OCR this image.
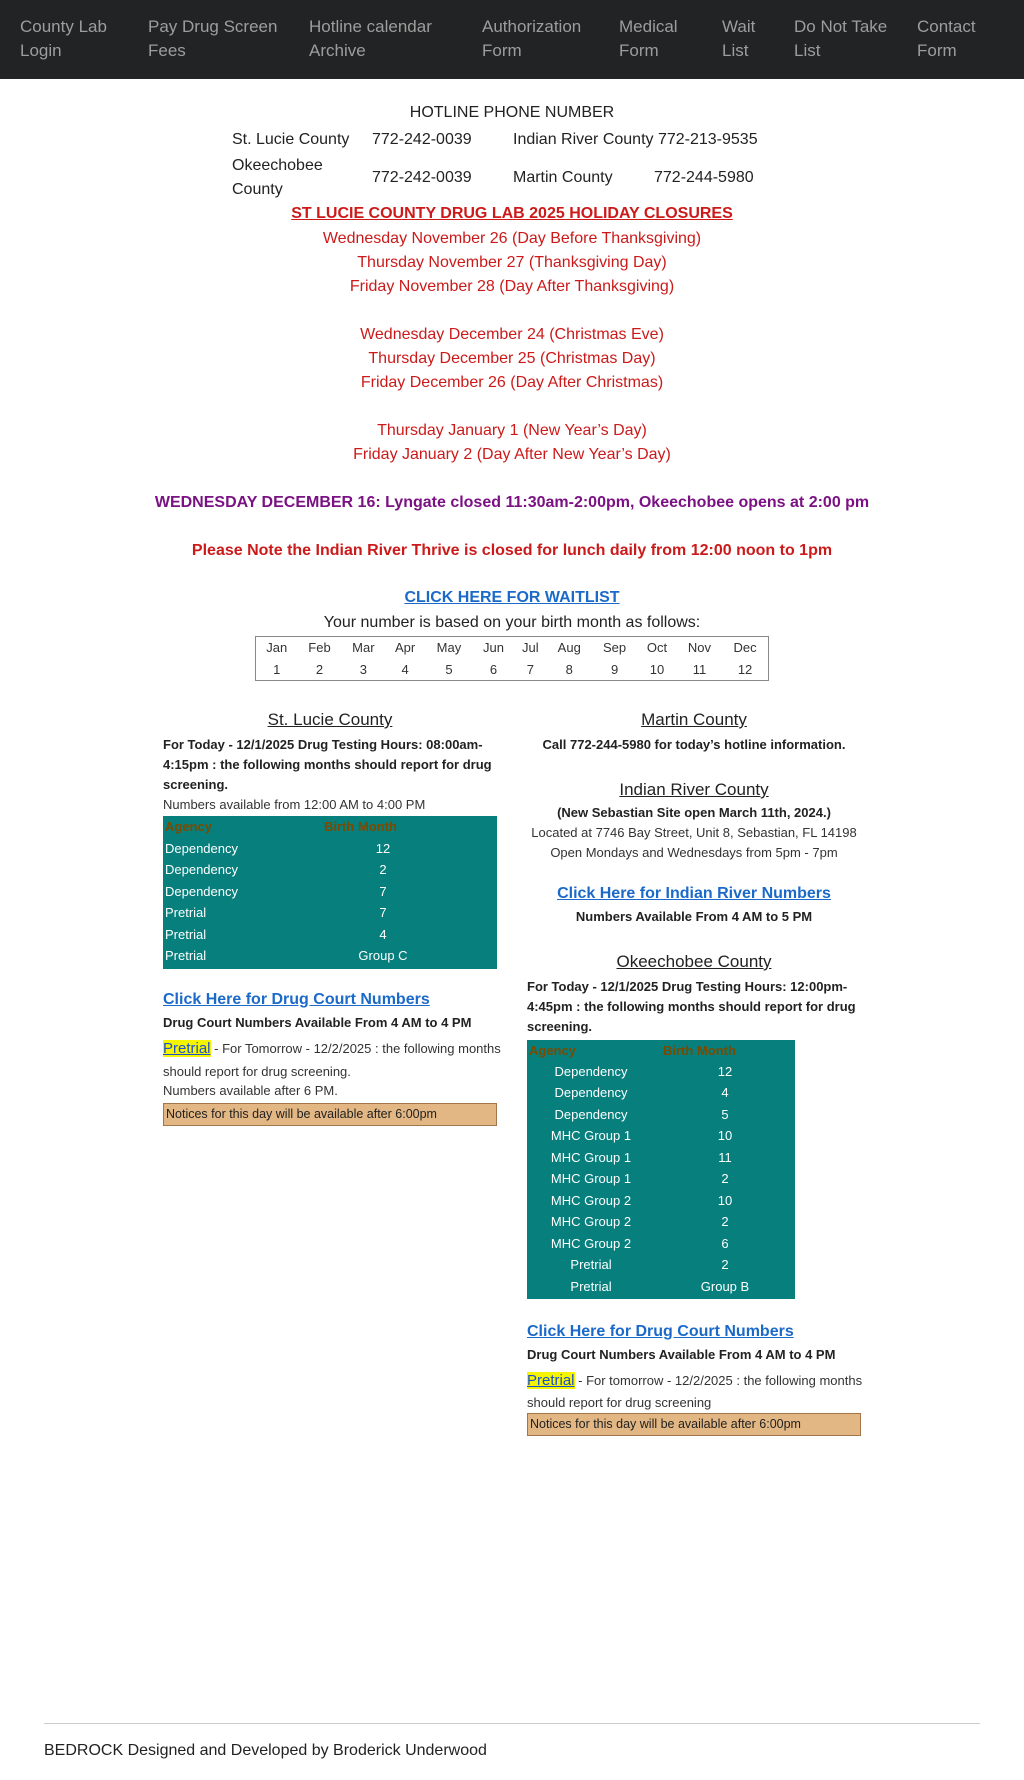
County Lab
Login
Pay Drug Screen
Fees
Hotline calendar
Archive
Authorization
Form
Medical
Form
Wait
List
Do Not Take
List
Contact
Form
HOTLINE PHONE NUMBER
St. Lucie County 772-242-0039	Indian River County 772-213-9535
Okeechobee
County
772-242-0039	Martin County	772-244-5980
ST LUCIE COUNTY DRUG LAB 2025 HOLIDAY CLOSURES
Wednesday November 26 (Day Before Thanksgiving)
Thursday November 27 (Thanksgiving Day)
Friday November 28 (Day After Thanksgiving)
Wednesday December 24 (Christmas Eve)
Thursday December 25 (Christmas Day)
Friday December 26 (Day After Christmas)
Thursday January 1 (New Year’s Day)
Friday January 2 (Day After New Year’s Day)
WEDNESDAY DECEMBER 16: Lyngate closed 11:30am-2:00pm, Okeechobee opens at 2:00 pm
Please Note the Indian River Thrive is closed for lunch daily from 12:00 noon to 1pm
CLICK HERE FOR WAITLIST
Your number is based on your birth month as follows:
Jan	Feb	Mar	Apr	May	Jun	Jul	Aug	Sep	Oct	Nov	Dec
1	2	3	4	5	6	7	8	9	10	11	12
St. Lucie County
For Today - 12/1/2025 Drug Testing Hours: 08:00am-
4:15pm : the following months should report for drug
screening.
Numbers available from 12:00 AM to 4:00 PM
Agency	Birth Month
Dependency	12
Dependency	2
Dependency	7
Pretrial	7
Pretrial	4
Pretrial	Group C
Click Here for Drug Court Numbers
Drug Court Numbers Available From 4 AM to 4 PM
Pretrial - For Tomorrow - 12/2/2025 : the following months
should report for drug screening.
Numbers available after 6 PM.
Notices for this day will be available after 6:00pm
Martin County
Call 772-244-5980 for today’s hotline information.
Indian River County
(New Sebastian Site open March 11th, 2024.)
Located at 7746 Bay Street, Unit 8, Sebastian, FL 14198
Open Mondays and Wednesdays from 5pm - 7pm
Click Here for Indian River Numbers
Numbers Available From 4 AM to 5 PM
Okeechobee County
For Today - 12/1/2025 Drug Testing Hours: 12:00pm-
4:45pm : the following months should report for drug
screening.
Agency	Birth Month
Dependency	12
Dependency	4
Dependency	5
MHC Group 1	10
MHC Group 1	11
MHC Group 1	2
MHC Group 2	10
MHC Group 2	2
MHC Group 2	6
Pretrial	2
Pretrial	Group B
Click Here for Drug Court Numbers
Drug Court Numbers Available From 4 AM to 4 PM
Pretrial - For tomorrow - 12/2/2025 : the following months
should report for drug screening
Notices for this day will be available after 6:00pm
BEDROCK Designed and Developed by Broderick Underwood
